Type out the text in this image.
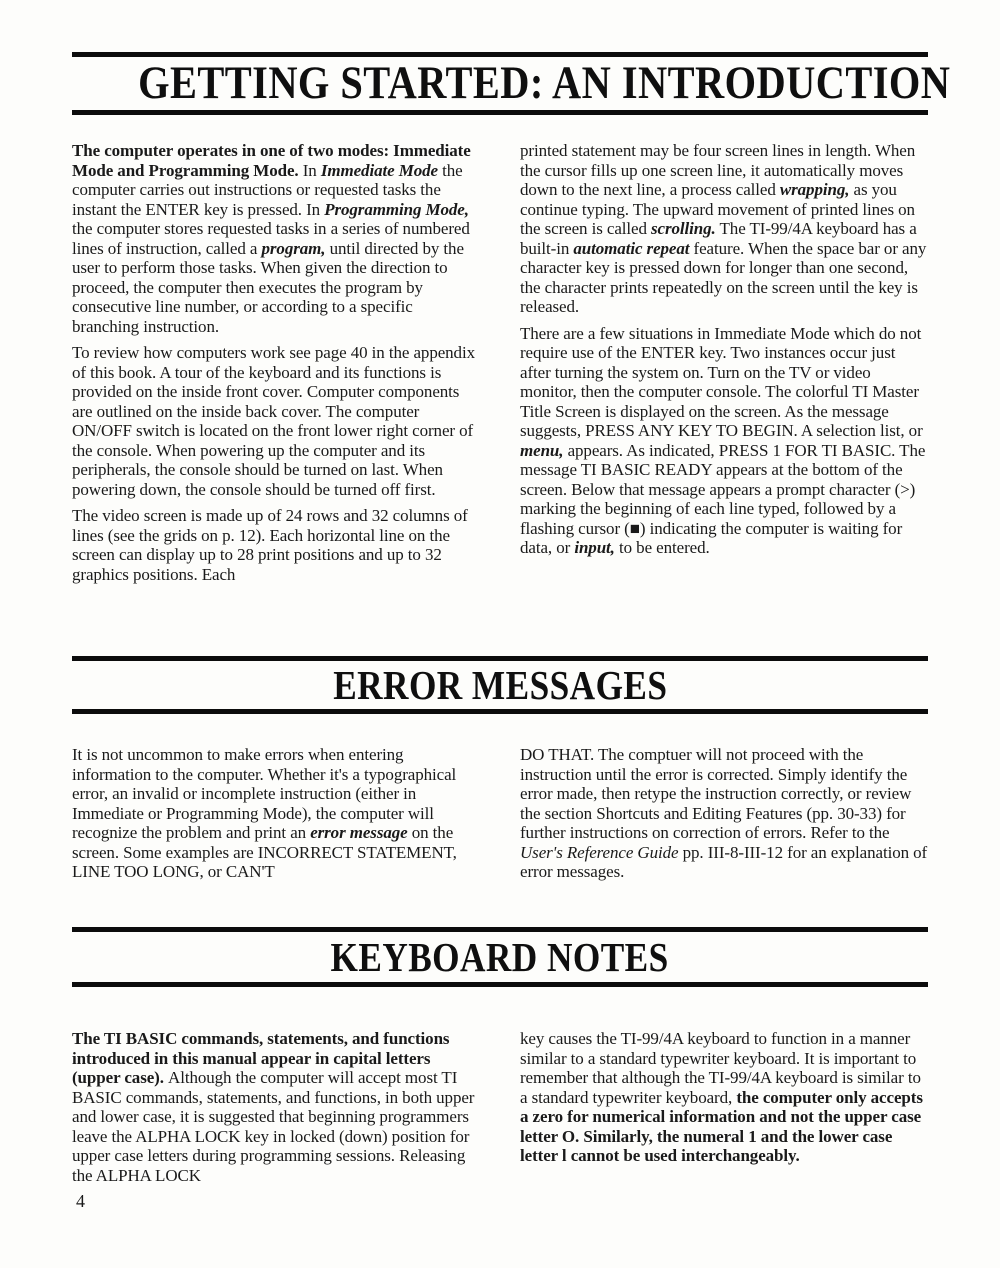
GETTING STARTED: AN INTRODUCTION

The computer operates in one of two modes: Immediate Mode and Programming Mode. In Immediate Mode the computer carries out instructions or requested tasks the instant the ENTER key is pressed. In Programming Mode, the computer stores requested tasks in a series of numbered lines of instruction, called a program, until directed by the user to perform those tasks. When given the direction to proceed, the computer then executes the program by consecutive line number, or according to a specific branching instruction.

To review how computers work see page 40 in the appendix of this book. A tour of the keyboard and its functions is provided on the inside front cover. Computer components are outlined on the inside back cover. The computer ON/OFF switch is located on the front lower right corner of the console. When powering up the computer and its peripherals, the console should be turned on last. When powering down, the console should be turned off first.

The video screen is made up of 24 rows and 32 columns of lines (see the grids on p. 12). Each horizontal line on the screen can display up to 28 print positions and up to 32 graphics positions. Each

printed statement may be four screen lines in length. When the cursor fills up one screen line, it automatically moves down to the next line, a process called wrapping, as you continue typing. The upward movement of printed lines on the screen is called scrolling. The TI-99/4A keyboard has a built-in automatic repeat feature. When the space bar or any character key is pressed down for longer than one second, the character prints repeatedly on the screen until the key is released.

There are a few situations in Immediate Mode which do not require use of the ENTER key. Two instances occur just after turning the system on. Turn on the TV or video monitor, then the computer console. The colorful TI Master Title Screen is displayed on the screen. As the message suggests, PRESS ANY KEY TO BEGIN. A selection list, or menu, appears. As indicated, PRESS 1 FOR TI BASIC. The message TI BASIC READY appears at the bottom of the screen. Below that message appears a prompt character (>) marking the beginning of each line typed, followed by a flashing cursor (■) indicating the computer is waiting for data, or input, to be entered.

ERROR MESSAGES

It is not uncommon to make errors when entering information to the computer. Whether it's a typographical error, an invalid or incomplete instruction (either in Immediate or Programming Mode), the computer will recognize the problem and print an error message on the screen. Some examples are INCORRECT STATEMENT, LINE TOO LONG, or CAN'T

DO THAT. The comptuer will not proceed with the instruction until the error is corrected. Simply identify the error made, then retype the instruction correctly, or review the section Shortcuts and Editing Features (pp. 30-33) for further instructions on correction of errors. Refer to the User's Reference Guide pp. III-8-III-12 for an explanation of error messages.

KEYBOARD NOTES

The TI BASIC commands, statements, and functions introduced in this manual appear in capital letters (upper case). Although the computer will accept most TI BASIC commands, statements, and functions, in both upper and lower case, it is suggested that beginning programmers leave the ALPHA LOCK key in locked (down) position for upper case letters during programming sessions. Releasing the ALPHA LOCK

key causes the TI-99/4A keyboard to function in a manner similar to a standard typewriter keyboard. It is important to remember that although the TI-99/4A keyboard is similar to a standard typewriter keyboard, the computer only accepts a zero for numerical information and not the upper case letter O. Similarly, the numeral 1 and the lower case letter l cannot be used interchangeably.

4
